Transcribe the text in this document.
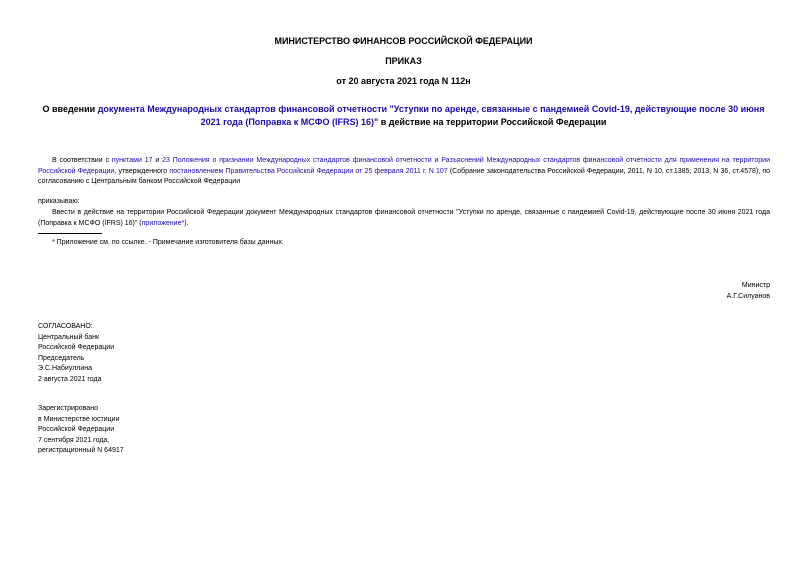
МИНИСТЕРСТВО ФИНАНСОВ РОССИЙСКОЙ ФЕДЕРАЦИИ
ПРИКАЗ
от 20 августа 2021 года N 112н
О введении документа Международных стандартов финансовой отчетности "Уступки по аренде, связанные с пандемией Covid-19, действующие после 30 июня 2021 года (Поправка к МСФО (IFRS) 16)" в действие на территории Российской Федерации
В соответствии с пунктами 17 и 23 Положения о признании Международных стандартов финансовой отчетности и Разъяснений Международных стандартов финансовой отчетности для применения на территории Российской Федерации, утвержденного постановлением Правительства Российской Федерации от 25 февраля 2011 г. N 107 (Собрание законодательства Российской Федерации, 2011, N 10, ст.1385; 2013, N 36, ст.4578), по согласованию с Центральным банком Российской Федерации
приказываю:
Ввести в действие на территории Российской Федерации документ Международных стандартов финансовой отчетности "Уступки по аренде, связанные с пандемией Covid-19, действующие после 30 июня 2021 года (Поправка к МСФО (IFRS) 16)" (приложение*).
* Приложение см. по ссылке. - Примечание изготовителя базы данных.
Министр
А.Г.Силуанов
СОГЛАСОВАНО:
Центральный банк
Российской Федерации
Председатель
Э.С.Набиуллина
2 августа 2021 года
Зарегистрировано
в Министерстве юстиции
Российской Федерации
7 сентября 2021 года,
регистрационный N 64917
